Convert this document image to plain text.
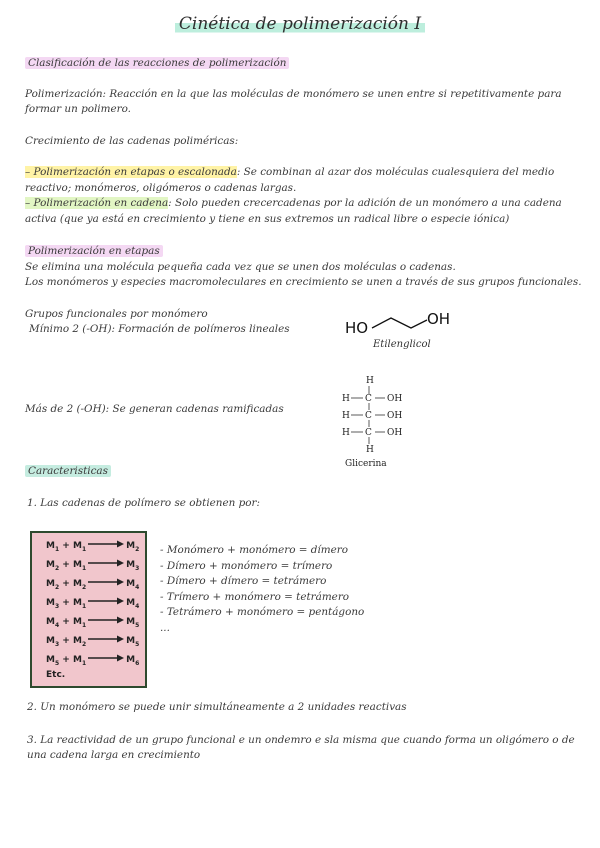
Cinética de polimerización I
Clasificación de las reacciones de polimerización
Polimerización: Reacción en la que las moléculas de monómero se unen entre si repetitivamente para
formar un polimero.
Crecimiento de las cadenas poliméricas:
– Polimerización en etapas o escalonada: Se combinan al azar dos moléculas cualesquiera del medio
reactivo; monómeros, oligómeros o cadenas largas.
– Polimerización en cadena: Solo pueden crecercadenas por la adición de un monómero a una cadena
activa (que ya está en crecimiento y tiene en sus extremos un radical libre o especie iónica)
Polimerización en etapas
Se elimina una molécula pequeña cada vez que se unen dos moléculas o cadenas.
Los monómeros y especies macromoleculares en crecimiento se unen a través de sus grupos funcionales.
Grupos funcionales por monómero
Mínimo 2 (-OH): Formación de polímeros lineales	HO	OH
Etilenglicol
Más de 2 (-OH): Se generan cadenas ramificadas
H
H C OH
H C OH
H C OH
H
Glicerina
Caracteristicas
1. Las cadenas de polímero se obtienen por:
$M_1 + M_1 \to M_2$
$M_2 + M_1 \to M_3$
$M_2 + M_2 \to M_4$
$M_3 + M_1 \to M_4$
$M_4 + M_1 \to M_5$
$M_3 + M_2 \to M_5$
$M_5 + M_1 \to M_6$
Etc.
- Monómero + monómero = dímero
- Dímero + monómero = trímero
- Dímero + dímero = tetrámero
- Trímero + monómero = tetrámero
- Tetrámero + monómero = pentágono
...
2. Un monómero se puede unir simultáneamente a 2 unidades reactivas
3. La reactividad de un grupo funcional e un ondemro e sla misma que cuando forma un oligómero o de
una cadena larga en crecimiento
